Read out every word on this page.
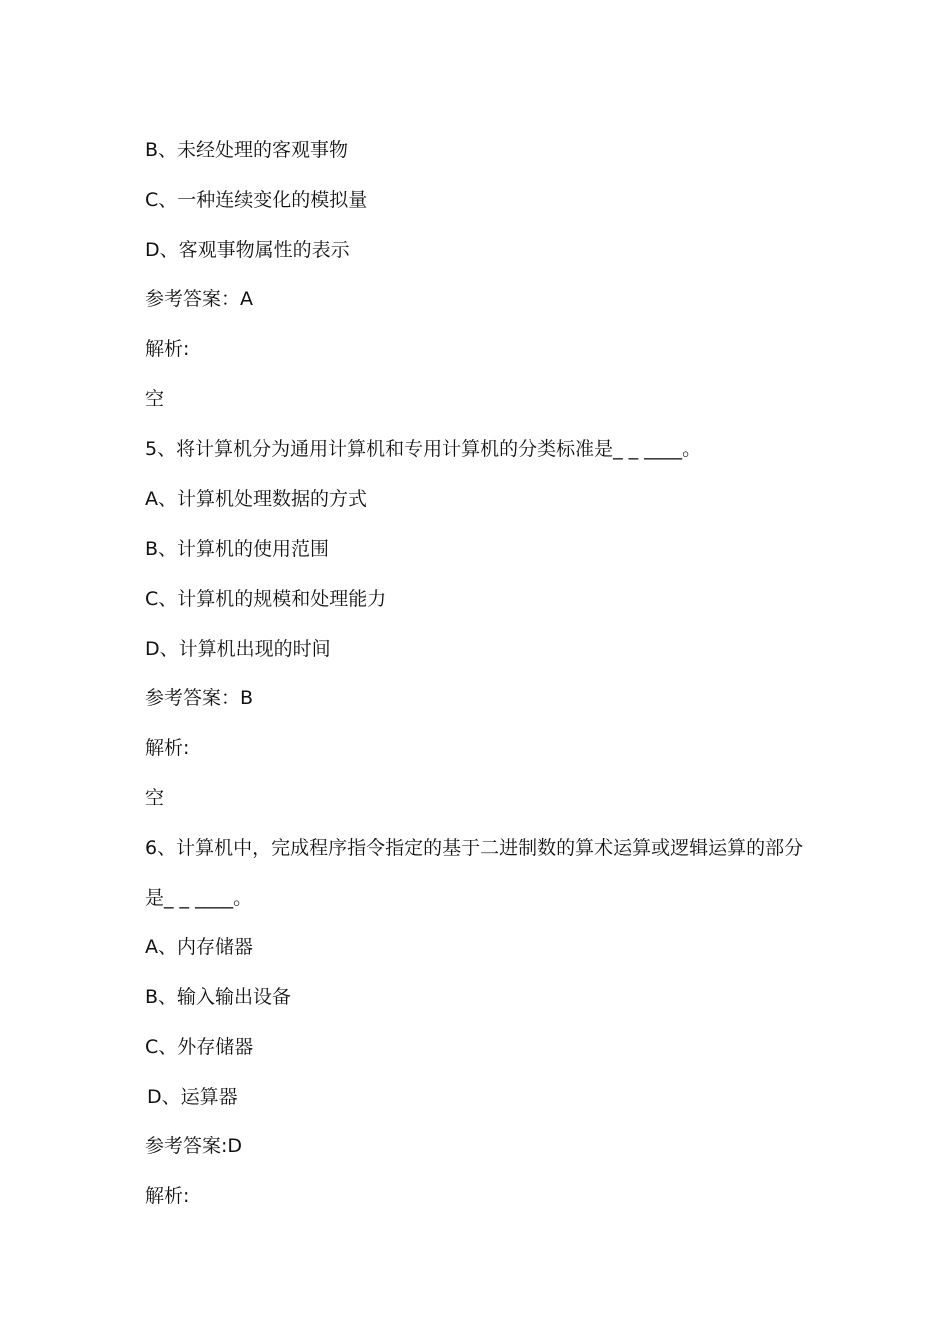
B、未经处理的客观事物
C、一种连续变化的模拟量
D、客观事物属性的表示
参考答案：A
解析:
空
5、将计算机分为通用计算机和专用计算机的分类标准是_ _ ____。
A、计算机处理数据的方式
B、计算机的使用范围
C、计算机的规模和处理能力
D、计算机出现的时间
参考答案：B
解析:
空
6、计算机中，完成程序指令指定的基于二进制数的算术运算或逻辑运算的部分
是_ _ ____。
A、内存储器
B、输入输出设备
C、外存储器
D、运算器
参考答案:D
解析:
